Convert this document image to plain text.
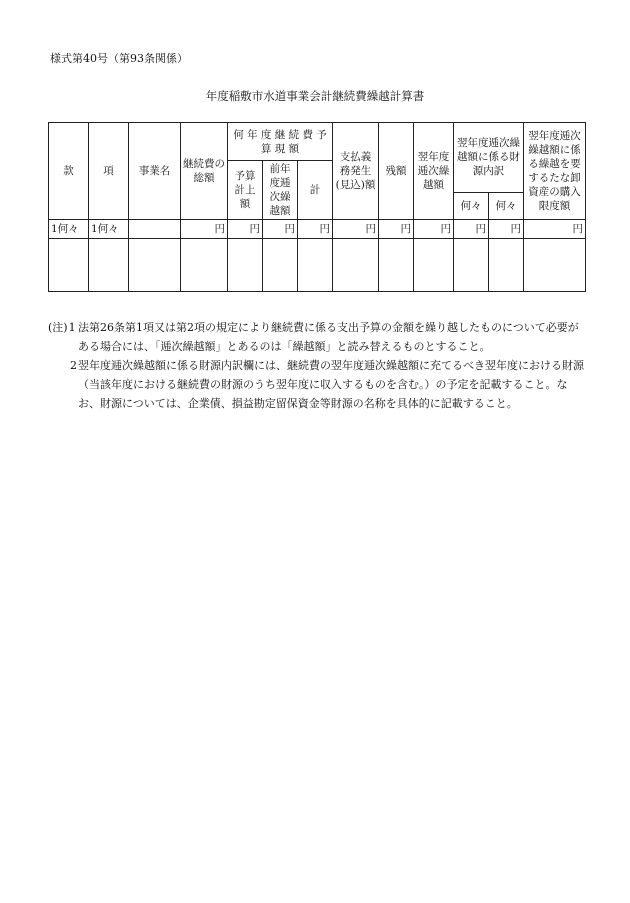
様式第40号（第93条関係）
年度稲敷市水道事業会計継続費繰越計算書
款	項	事業名	継続費の総額	何 年 度 継 続 費 予 算 現 額			支払義務発生(見込)額	残額	翌年度逓次繰越額	翌年度逓次繰越額に係る財源内訳		翌年度逓次繰越額に係る繰越を要するたな卸資産の購入限度額
				予算計上額	前年度逓次繰越額	計						
										何々	何々	
1何々	1何々		円	円	円	円	円	円	円	円	円	円

(注)1 法第26条第1項又は第2項の規定により継続費に係る支出予算の金額を繰り越したものについて必要がある場合には、「逓次繰越額」とあるのは「繰越額」と読み替えるものとすること。
2 翌年度逓次繰越額に係る財源内訳欄には、継続費の翌年度逓次繰越額に充てるべき翌年度における財源（当該年度における継続費の財源のうち翌年度に収入するものを含む。）の予定を記載すること。なお、財源については、企業債、損益勘定留保資金等財源の名称を具体的に記載すること。
